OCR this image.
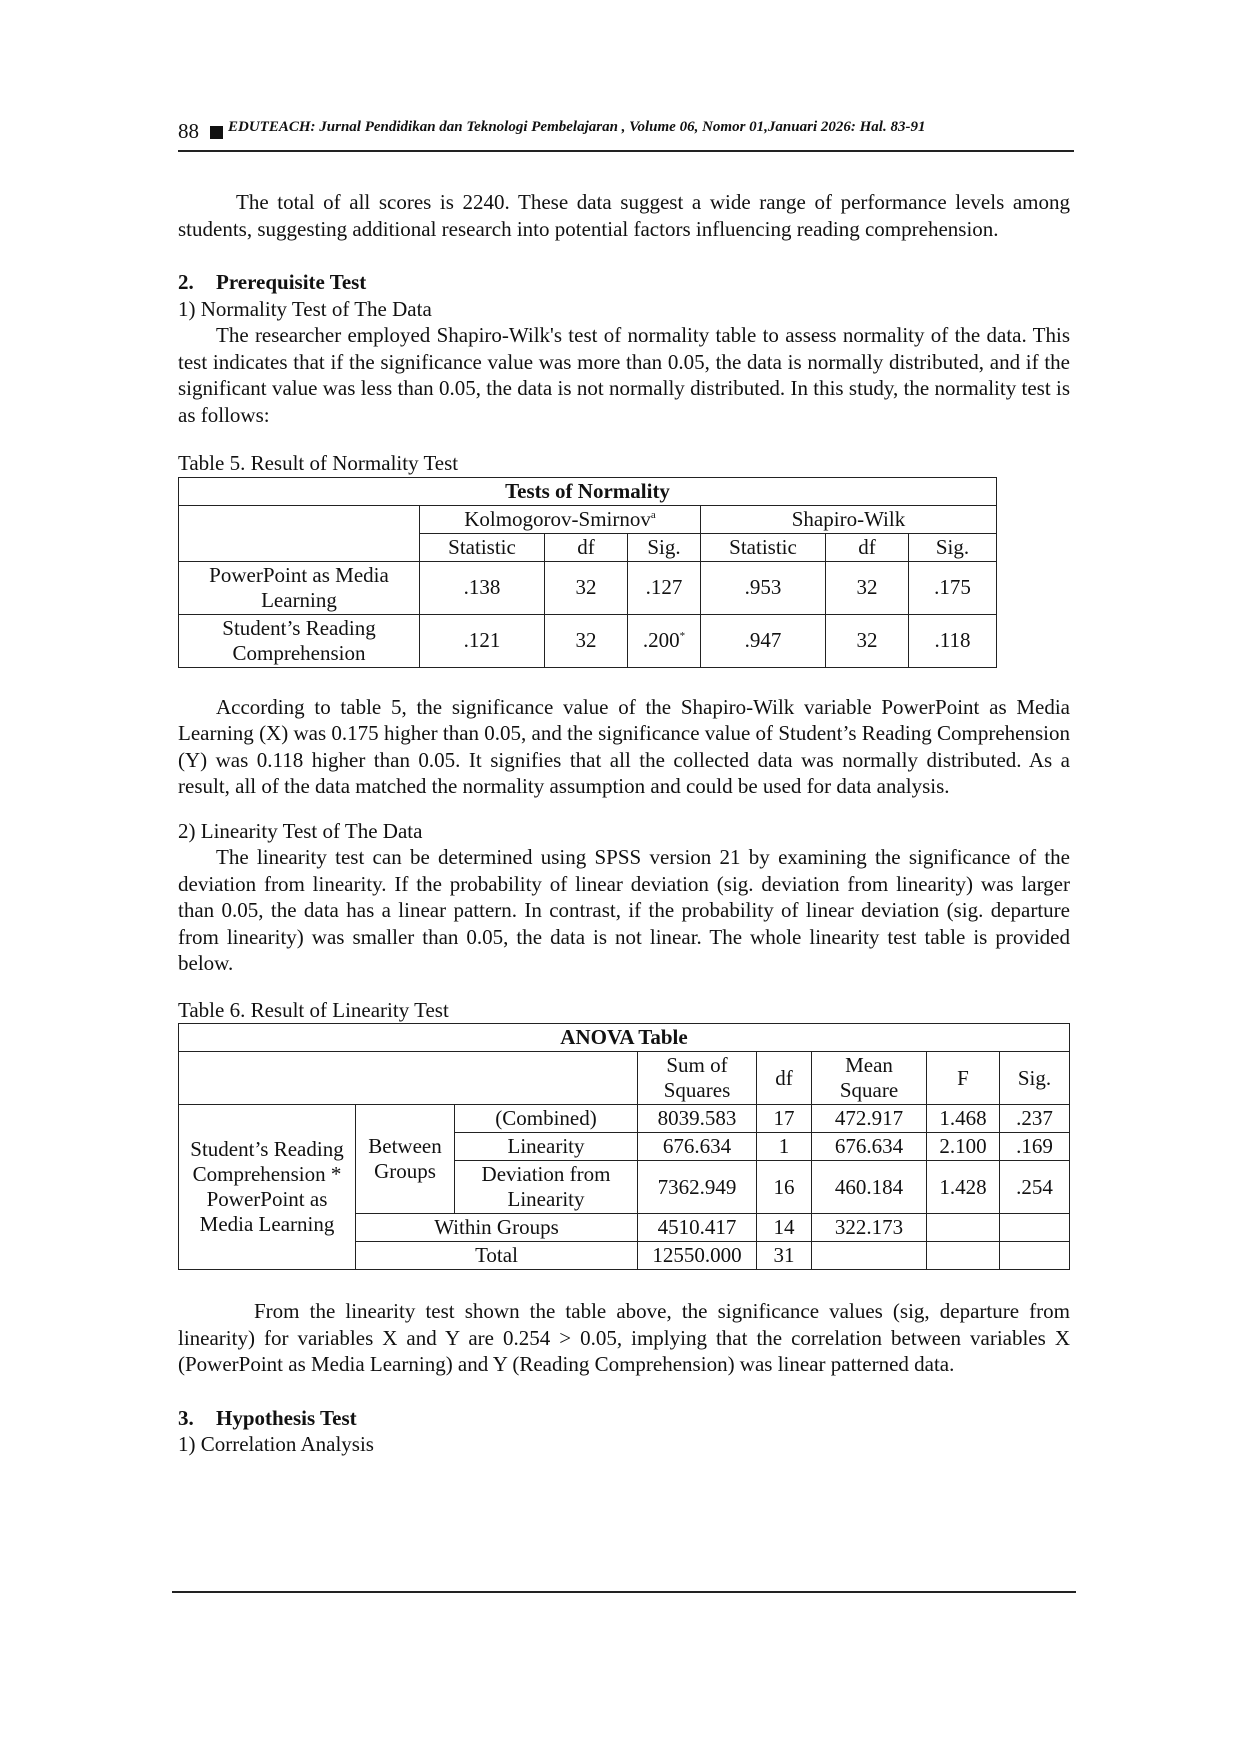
88 EDUTEACH: Jurnal Pendidikan dan Teknologi Pembelajaran , Volume 06, Nomor 01,Januari 2026: Hal. 83-91

The total of all scores is 2240. These data suggest a wide range of performance levels among students, suggesting additional research into potential factors influencing reading comprehension.

2. Prerequisite Test

1) Normality Test of The Data

The researcher employed Shapiro-Wilk's test of normality table to assess normality of the data. This test indicates that if the significance value was more than 0.05, the data is normally distributed, and if the significant value was less than 0.05, the data is not normally distributed. In this study, the normality test is as follows:

Table 5. Result of Normality Test

Tests of Normality						
	Kolmogorov-Smirnov$^a$			Shapiro-Wilk		
	Statistic	df	Sig.	Statistic	df	Sig.
PowerPoint as Media Learning	.138	32	.127	.953	32	.175
Student’s Reading Comprehension	.121	32	.200*	.947	32	.118

According to table 5, the significance value of the Shapiro-Wilk variable PowerPoint as Media Learning (X) was 0.175 higher than 0.05, and the significance value of Student’s Reading Comprehension (Y) was 0.118 higher than 0.05. It signifies that all the collected data was normally distributed. As a result, all of the data matched the normality assumption and could be used for data analysis.

2) Linearity Test of The Data

The linearity test can be determined using SPSS version 21 by examining the significance of the deviation from linearity. If the probability of linear deviation (sig. deviation from linearity) was larger than 0.05, the data has a linear pattern. In contrast, if the probability of linear deviation (sig. departure from linearity) was smaller than 0.05, the data is not linear. The whole linearity test table is provided below.

Table 6. Result of Linearity Test

ANOVA Table							
			Sum of Squares	df	Mean Square	F	Sig.
Student’s Reading Comprehension * PowerPoint as Media Learning	Between Groups	(Combined)	8039.583	17	472.917	1.468	.237
		Linearity	676.634	1	676.634	2.100	.169
		Deviation from Linearity	7362.949	16	460.184	1.428	.254
	Within Groups		4510.417	14	322.173		
	Total		12550.000	31			

From the linearity test shown the table above, the significance values (sig, departure from linearity) for variables X and Y are 0.254 > 0.05, implying that the correlation between variables X (PowerPoint as Media Learning) and Y (Reading Comprehension) was linear patterned data.

3. Hypothesis Test

1) Correlation Analysis
